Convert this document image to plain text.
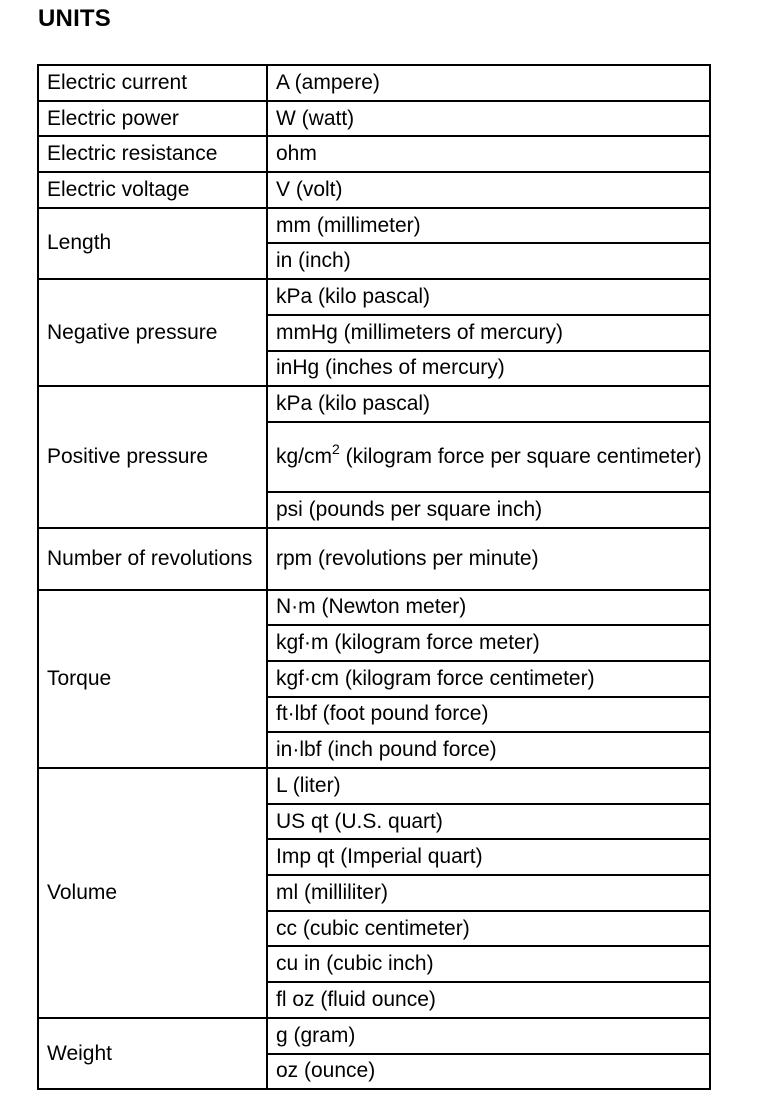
UNITS
Electric current	A (ampere)
Electric power	W (watt)
Electric resistance	ohm
Electric voltage	V (volt)
Length	mm (millimeter)
	in (inch)
Negative pressure	kPa (kilo pascal)
	mmHg (millimeters of mercury)
	inHg (inches of mercury)
Positive pressure	kPa (kilo pascal)
	$kg/cm^2$ (kilogram force per square centimeter)
	psi (pounds per square inch)
Number of revolutions	rpm (revolutions per minute)
Torque	N·m (Newton meter)
	kgf·m (kilogram force meter)
	kgf·cm (kilogram force centimeter)
	ft·lbf (foot pound force)
	in·lbf (inch pound force)
Volume	L (liter)
	US qt (U.S. quart)
	Imp qt (Imperial quart)
	ml (milliliter)
	cc (cubic centimeter)
	cu in (cubic inch)
	fl oz (fluid ounce)
Weight	g (gram)
	oz (ounce)
